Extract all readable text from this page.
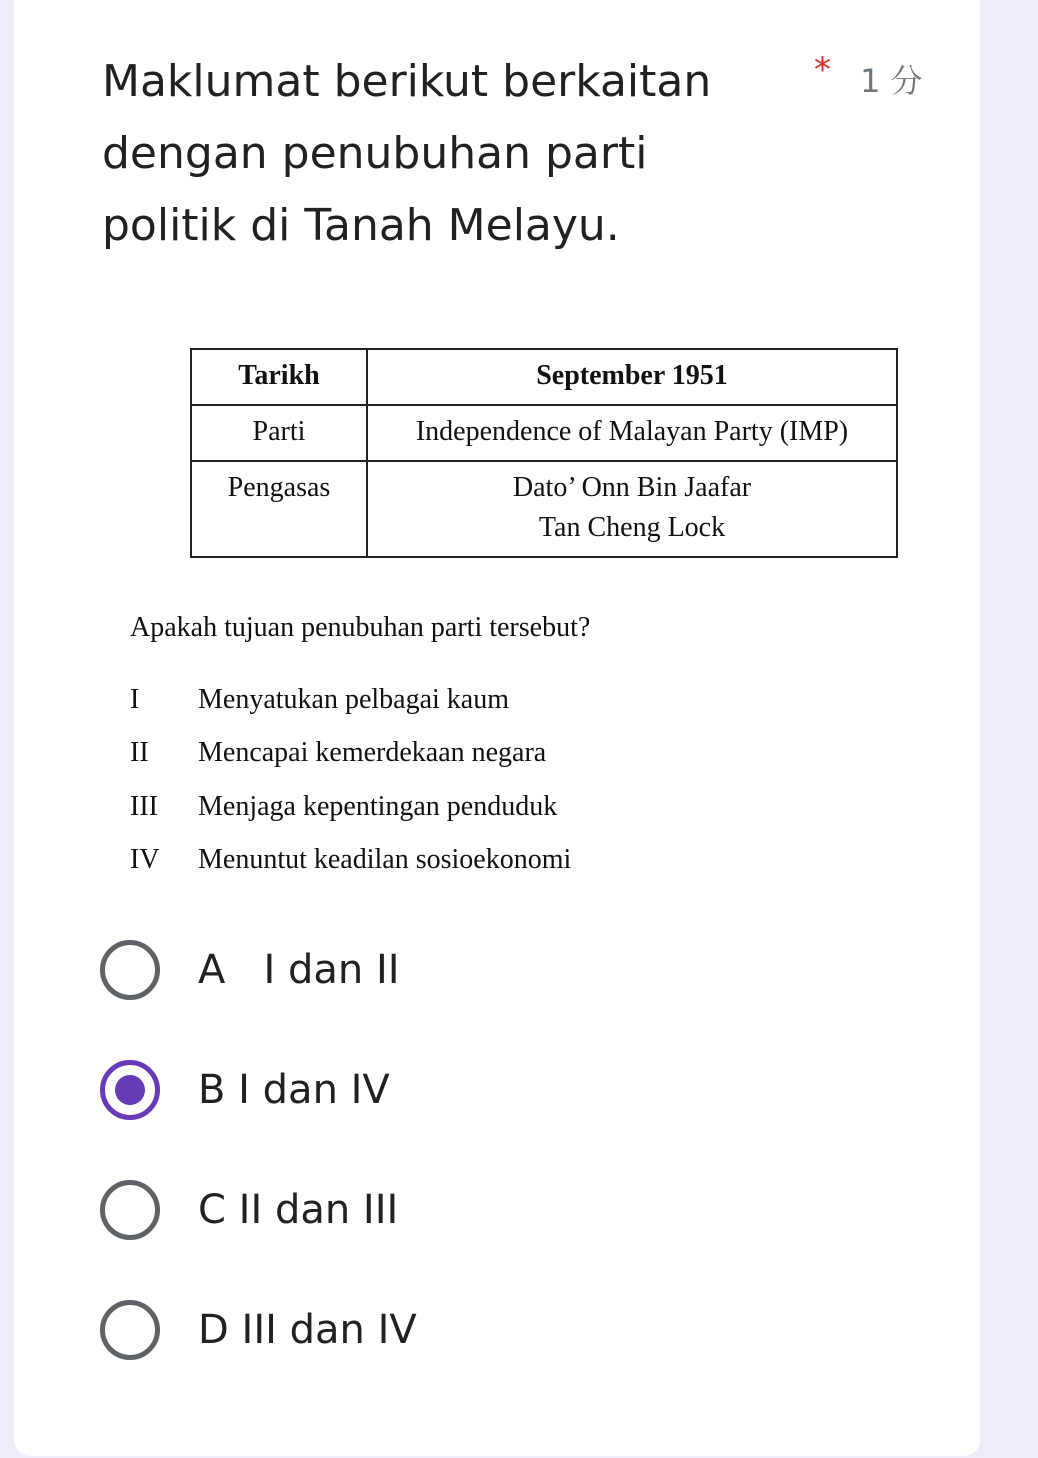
Maklumat berikut berkaitan dengan penubuhan parti politik di Tanah Melayu.
* 1 分
Tarikh	September 1951
Parti	Independence of Malayan Party (IMP)
Pengasas	Dato’ Onn Bin Jaafar
Tan Cheng Lock
Apakah tujuan penubuhan parti tersebut?
I Menyatukan pelbagai kaum
II Mencapai kemerdekaan negara
III Menjaga kepentingan penduduk
IV Menuntut keadilan sosioekonomi
A   I dan II
B I dan IV
C II dan III
D III dan IV
